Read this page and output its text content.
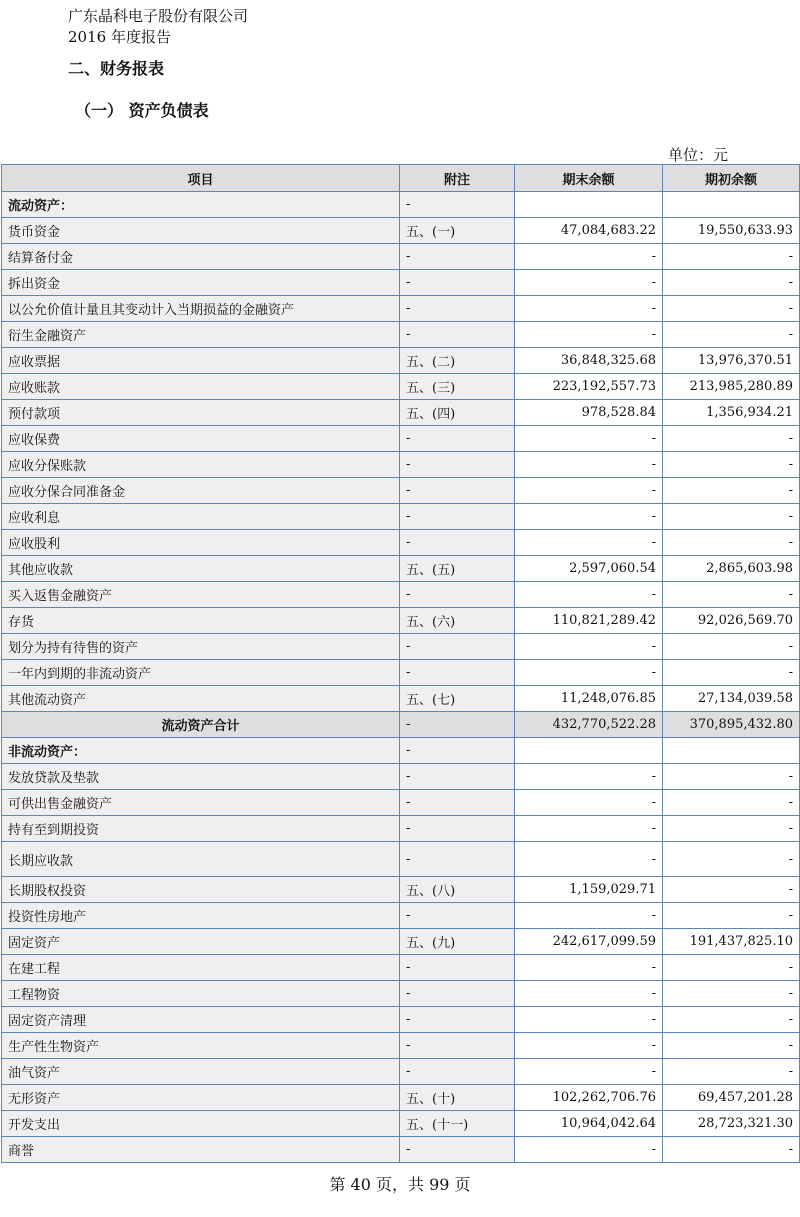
广东晶科电子股份有限公司
2016 年度报告
二、财务报表
（一） 资产负债表
单位：元
项目	附注	期末余额	期初余额
流动资产：	-		
货币资金	五、(一)	47,084,683.22	19,550,633.93
结算备付金	-	-	-
拆出资金	-	-	-
以公允价值计量且其变动计入当期损益的金融资产	-	-	-
衍生金融资产	-	-	-
应收票据	五、(二)	36,848,325.68	13,976,370.51
应收账款	五、(三)	223,192,557.73	213,985,280.89
预付款项	五、(四)	978,528.84	1,356,934.21
应收保费	-	-	-
应收分保账款	-	-	-
应收分保合同准备金	-	-	-
应收利息	-	-	-
应收股利	-	-	-
其他应收款	五、(五)	2,597,060.54	2,865,603.98
买入返售金融资产	-	-	-
存货	五、(六)	110,821,289.42	92,026,569.70
划分为持有待售的资产	-	-	-
一年内到期的非流动资产	-	-	-
其他流动资产	五、(七)	11,248,076.85	27,134,039.58
流动资产合计	-	432,770,522.28	370,895,432.80
非流动资产：	-		
发放贷款及垫款	-	-	-
可供出售金融资产	-	-	-
持有至到期投资	-	-	-
长期应收款	-	-	-
长期股权投资	五、(八)	1,159,029.71	-
投资性房地产	-	-	-
固定资产	五、(九)	242,617,099.59	191,437,825.10
在建工程	-	-	-
工程物资	-	-	-
固定资产清理	-	-	-
生产性生物资产	-	-	-
油气资产	-	-	-
无形资产	五、(十)	102,262,706.76	69,457,201.28
开发支出	五、(十一)	10,964,042.64	28,723,321.30
商誉	-	-	-
第 40 页，共 99 页
